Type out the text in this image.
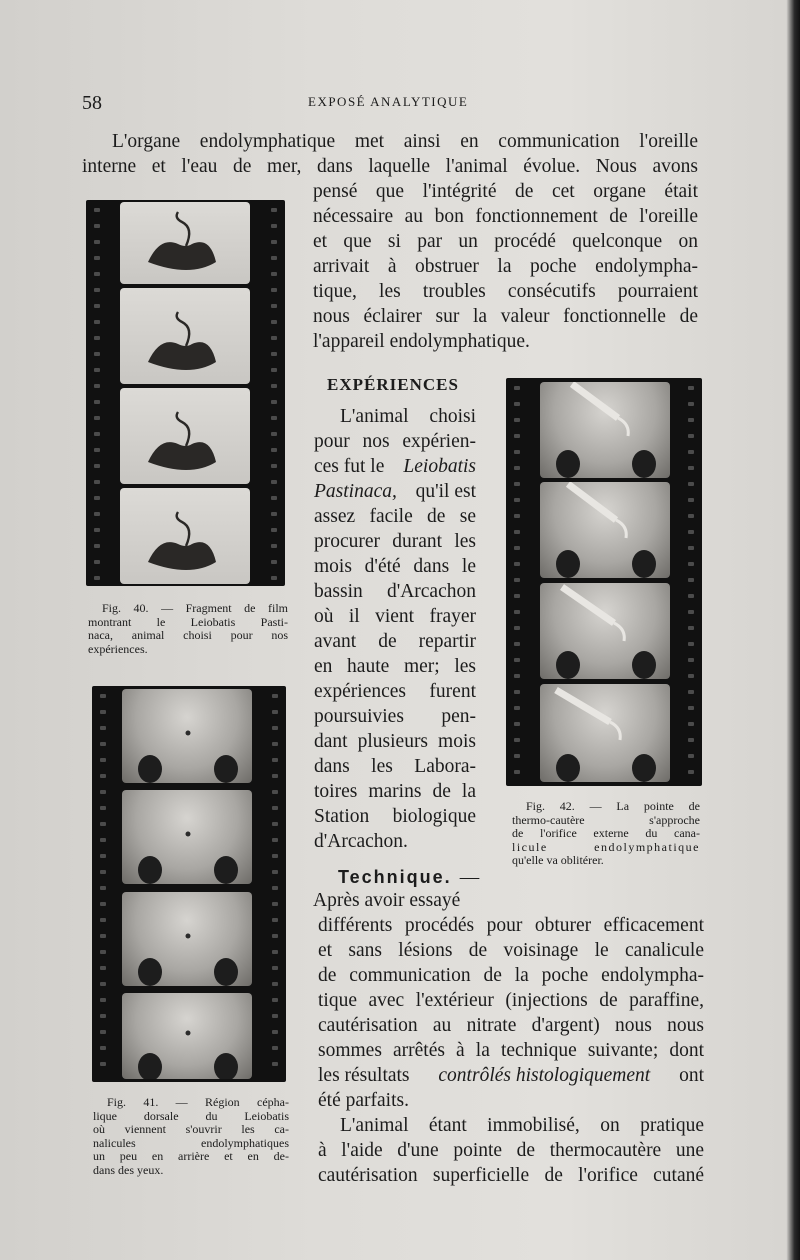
58	EXPOSÉ ANALYTIQUE
L'organe endolymphatique met ainsi en communication l'oreille
interne et l'eau de mer, dans laquelle l'animal évolue. Nous avons
pensé que l'intégrité de cet organe était
nécessaire au bon fonctionnement de l'oreille
et que si par un procédé quelconque on
arrivait à obstruer la poche endolympha-
tique, les troubles consécutifs pourraient
nous éclairer sur la valeur fonctionnelle de
l'appareil endolymphatique.
EXPÉRIENCES
L'animal choisi
pour nos expérien-
ces fut le Leiobatis
Pastinaca, qu'il est
assez facile de se
procurer durant les
mois d'été dans le
bassin d'Arcachon
où il vient frayer
avant de repartir
en haute mer; les
expériences furent
poursuivies pen-
dant plusieurs mois
dans les Labora-
toires marins de la
Station biologique
d'Arcachon.
Technique. —
Après avoir essayé
différents procédés pour obturer efficacement
et sans lésions de voisinage le canalicule
de communication de la poche endolympha-
tique avec l'extérieur (injections de paraffine,
cautérisation au nitrate d'argent) nous nous
sommes arrêtés à la technique suivante; dont
les résultats contrôlés histologiquement ont
été parfaits.
L'animal étant immobilisé, on pratique
à l'aide d'une pointe de thermocautère une
cautérisation superficielle de l'orifice cutané
Fig. 40. — Fragment de film
montrant le Leiobatis Pasti-
naca, animal choisi pour nos
expériences.
Fig. 41. — Région cépha-
lique dorsale du Leiobatis
où viennent s'ouvrir les ca-
nalicules endolymphatiques
un peu en arrière et en de-
dans des yeux.
Fig. 42. — La pointe de
thermo-cautère s'approche
de l'orifice externe du cana-
licule endolymphatique
qu'elle va oblitérer.
